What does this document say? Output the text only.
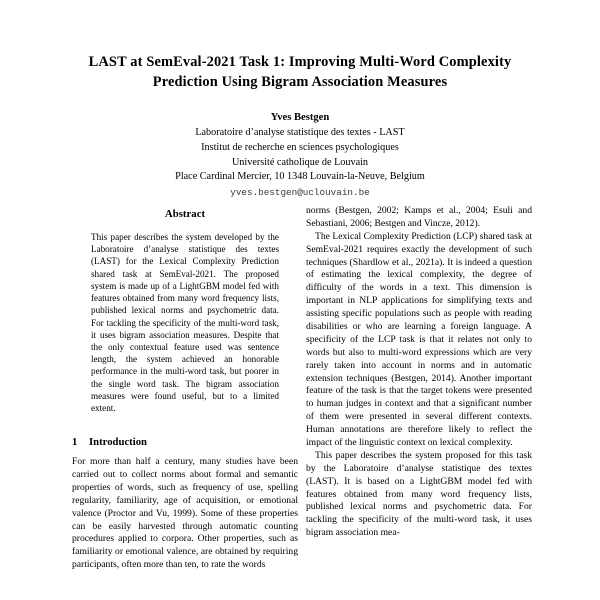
LAST at SemEval-2021 Task 1: Improving Multi-Word Complexity Prediction Using Bigram Association Measures
Yves Bestgen
Laboratoire d’analyse statistique des textes - LAST
Institut de recherche en sciences psychologiques
Université catholique de Louvain
Place Cardinal Mercier, 10 1348 Louvain-la-Neuve, Belgium
yves.bestgen@uclouvain.be
Abstract

This paper describes the system developed by the Laboratoire d’analyse statistique des textes (LAST) for the Lexical Complexity Prediction shared task at SemEval-2021. The proposed system is made up of a LightGBM model fed with features obtained from many word frequency lists, published lexical norms and psychometric data. For tackling the specificity of the multi-word task, it uses bigram association measures. Despite that the only contextual feature used was sentence length, the system achieved an honorable performance in the multi-word task, but poorer in the single word task. The bigram association measures were found useful, but to a limited extent.

1	Introduction

For more than half a century, many studies have been carried out to collect norms about formal and semantic properties of words, such as frequency of use, spelling regularity, familiarity, age of acquisition, or emotional valence (Proctor and Vu, 1999). Some of these properties can be easily harvested through automatic counting procedures applied to corpora. Other properties, such as familiarity or emotional valence, are obtained by requiring participants, often more than ten, to rate the words

norms (Bestgen, 2002; Kamps et al., 2004; Esuli and Sebastiani, 2006; Bestgen and Vincze, 2012).

The Lexical Complexity Prediction (LCP) shared task at SemEval-2021 requires exactly the development of such techniques (Shardlow et al., 2021a). It is indeed a question of estimating the lexical complexity, the degree of difficulty of the words in a text. This dimension is important in NLP applications for simplifying texts and assisting specific populations such as people with reading disabilities or who are learning a foreign language. A specificity of the LCP task is that it relates not only to words but also to multi-word expressions which are very rarely taken into account in norms and in automatic extension techniques (Bestgen, 2014). Another important feature of the task is that the target tokens were presented to human judges in context and that a significant number of them were presented in several different contexts. Human annotations are therefore likely to reflect the impact of the linguistic context on lexical complexity.

This paper describes the system proposed for this task by the Laboratoire d’analyse statistique des textes (LAST). It is based on a LightGBM model fed with features obtained from many word frequency lists, published lexical norms and psychometric data. For tackling the specificity of the multi-word task, it uses bigram association mea-
